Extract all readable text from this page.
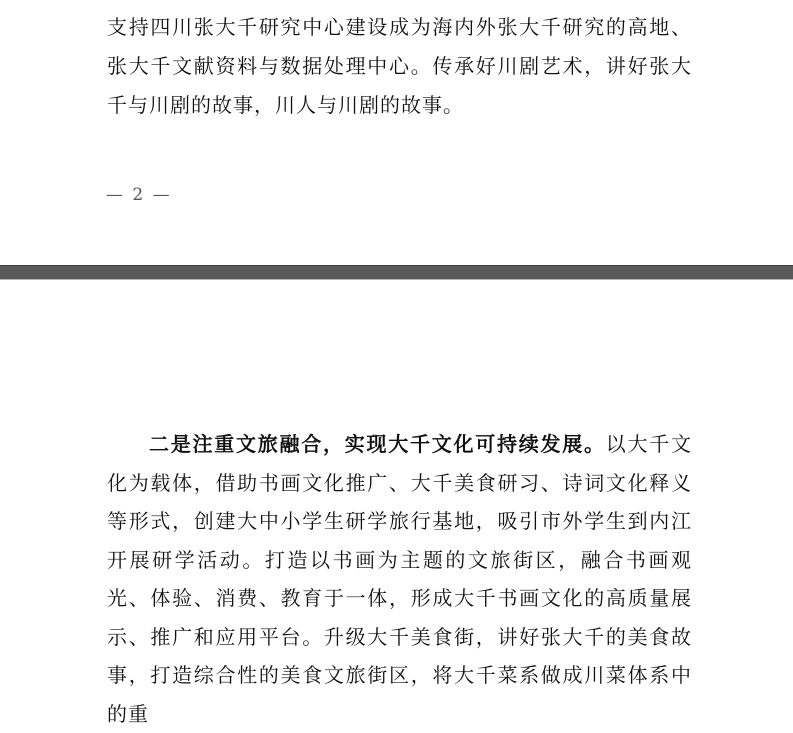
支持四川张大千研究中心建设成为海内外张大千研究的高地、张大千文献资料与数据处理中心。传承好川剧艺术，讲好张大千与川剧的故事，川人与川剧的故事。

— 2 —

二是注重文旅融合，实现大千文化可持续发展。以大千文化为载体，借助书画文化推广、大千美食研习、诗词文化释义等形式，创建大中小学生研学旅行基地，吸引市外学生到内江开展研学活动。打造以书画为主题的文旅街区，融合书画观光、体验、消费、教育于一体，形成大千书画文化的高质量展示、推广和应用平台。升级大千美食街，讲好张大千的美食故事，打造综合性的美食文旅街区，将大千菜系做成川菜体系中的重
